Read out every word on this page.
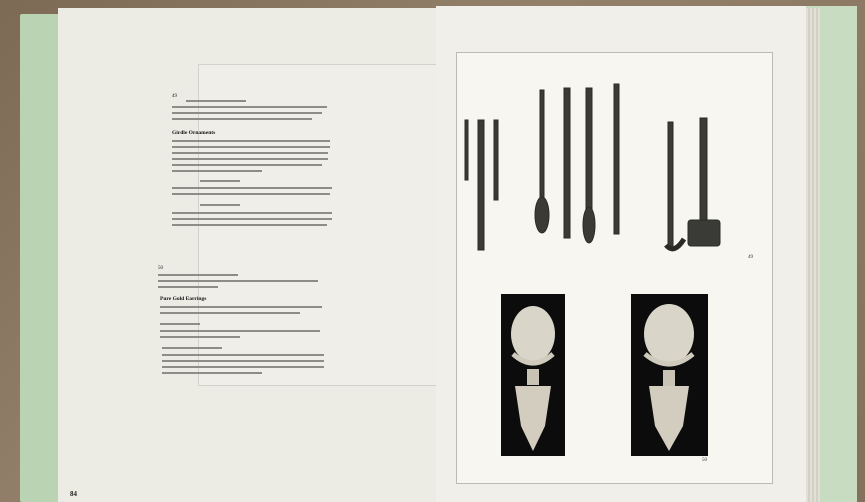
49
Girdle Ornaments
50
Pure Gold Earrings
84
49
50
